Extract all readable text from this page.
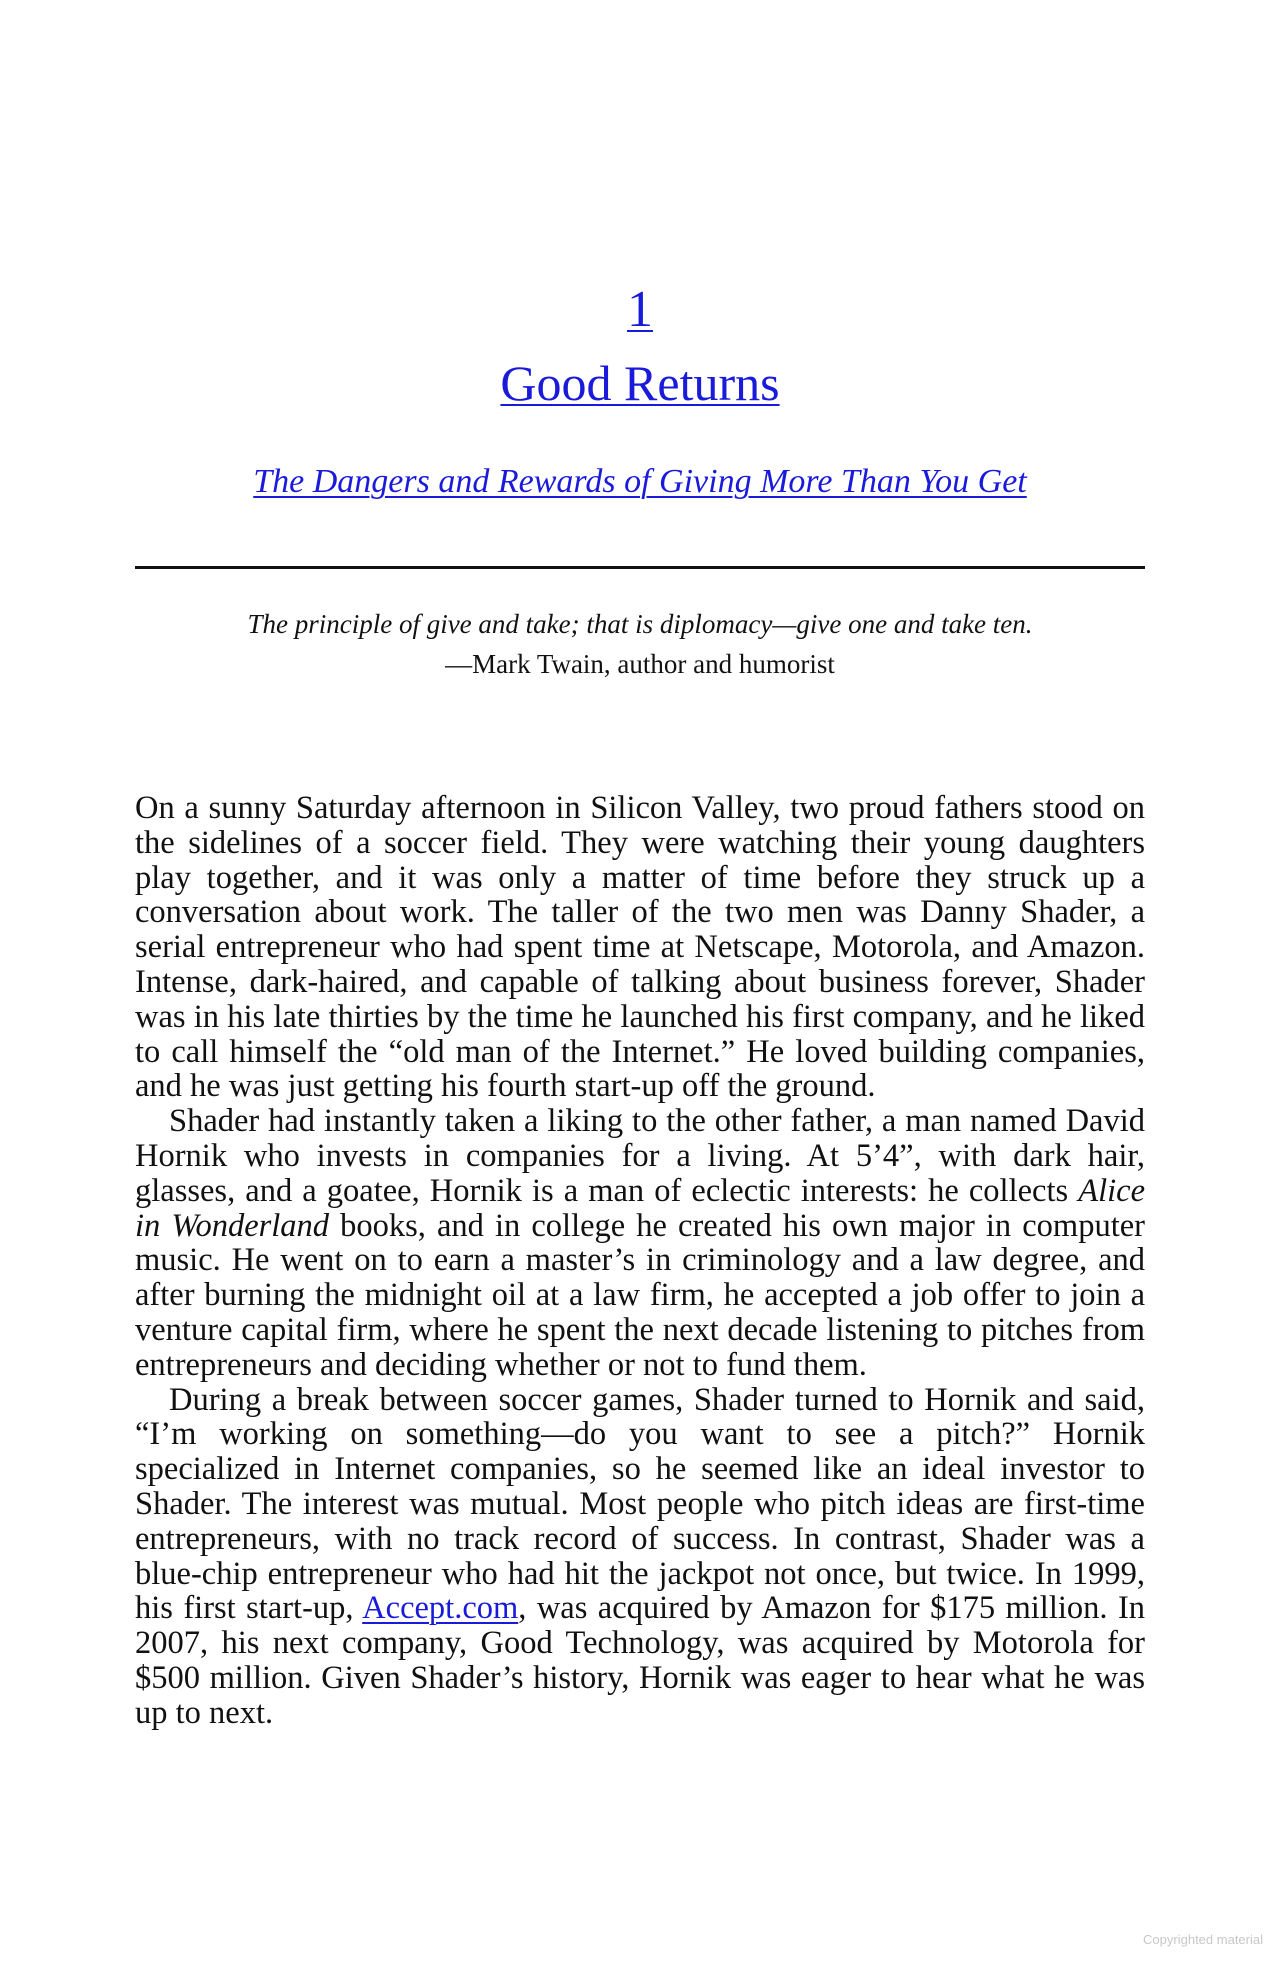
1
Good Returns
The Dangers and Rewards of Giving More Than You Get
The principle of give and take; that is diplomacy—give one and take ten.
—Mark Twain, author and humorist

On a sunny Saturday afternoon in Silicon Valley, two proud fathers stood on the sidelines of a soccer field. They were watching their young daughters play together, and it was only a matter of time before they struck up a conversation about work. The taller of the two men was Danny Shader, a serial entrepreneur who had spent time at Netscape, Motorola, and Amazon. Intense, dark-haired, and capable of talking about business forever, Shader was in his late thirties by the time he launched his first company, and he liked to call himself the “old man of the Internet.” He loved building companies, and he was just getting his fourth start-up off the ground.

Shader had instantly taken a liking to the other father, a man named David Hornik who invests in companies for a living. At 5’4”, with dark hair, glasses, and a goatee, Hornik is a man of eclectic interests: he collects Alice in Wonderland books, and in college he created his own major in computer music. He went on to earn a master’s in criminology and a law degree, and after burning the midnight oil at a law firm, he accepted a job offer to join a venture capital firm, where he spent the next decade listening to pitches from entrepreneurs and deciding whether or not to fund them.

During a break between soccer games, Shader turned to Hornik and said, “I’m working on something—do you want to see a pitch?” Hornik specialized in Internet companies, so he seemed like an ideal investor to Shader. The interest was mutual. Most people who pitch ideas are first-time entrepreneurs, with no track record of success. In contrast, Shader was a blue-chip entrepreneur who had hit the jackpot not once, but twice. In 1999, his first start-up, Accept.com, was acquired by Amazon for $175 million. In 2007, his next company, Good Technology, was acquired by Motorola for $500 million. Given Shader’s history, Hornik was eager to hear what he was up to next.

Copyrighted material
